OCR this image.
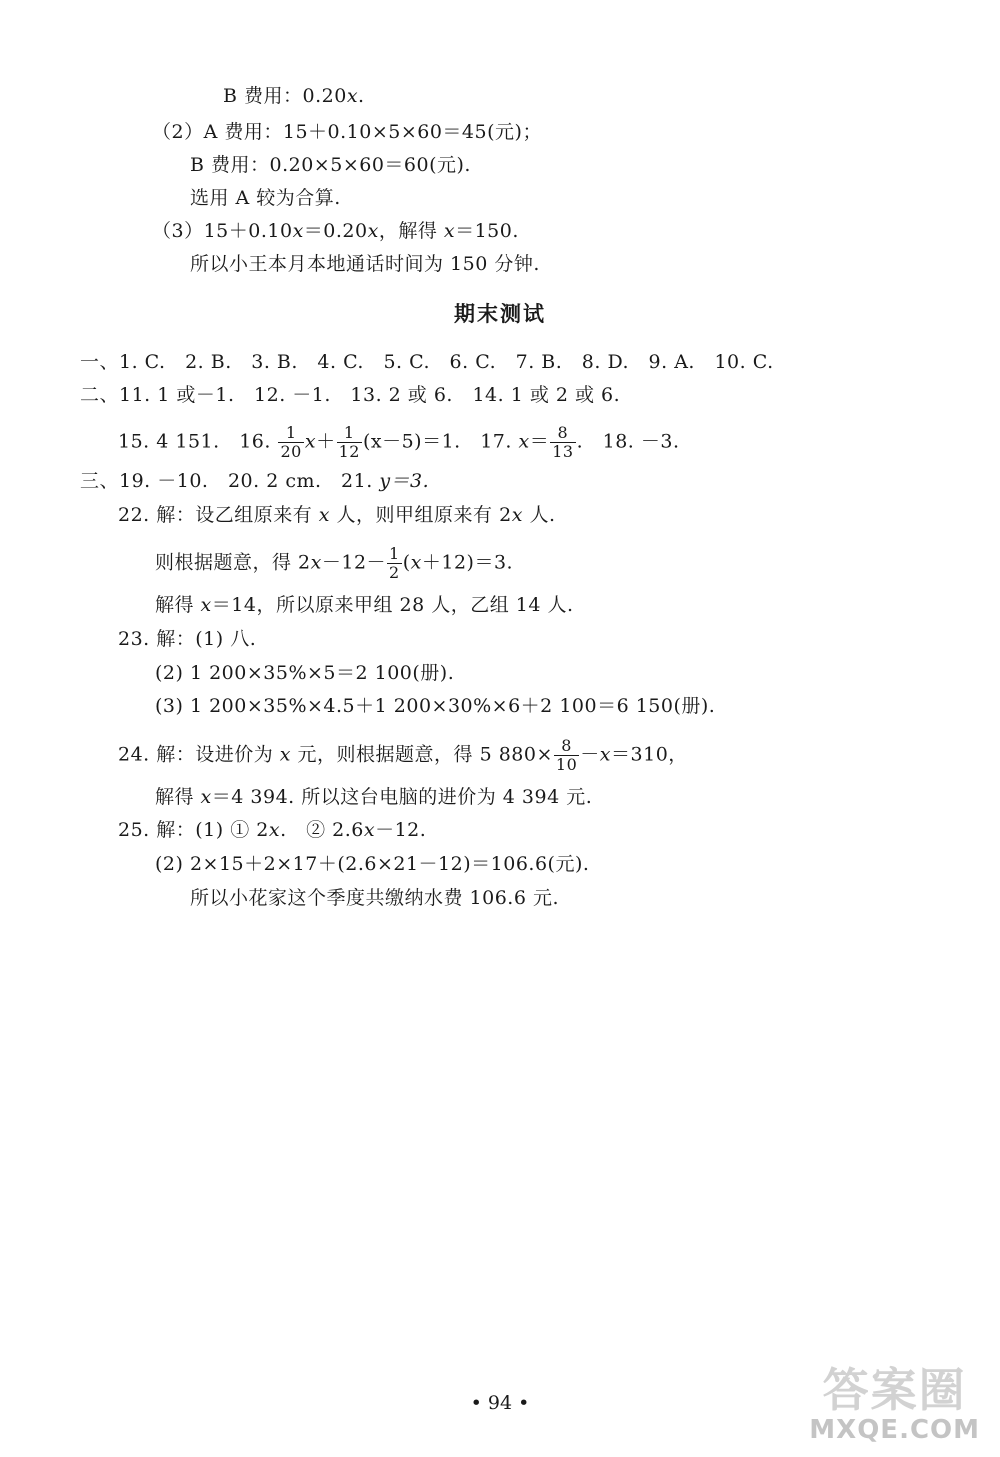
B 费用：0.20x.
（2）A 费用：15＋0.10×5×60＝45(元)；
B 费用：0.20×5×60＝60(元).
选用 A 较为合算.
（3）15＋0.10x＝0.20x，解得 x＝150.
所以小王本月本地通话时间为 150 分钟.
期末测试
一、1. C.　2. B.　3. B.　4. C.　5. C.　6. C.　7. B.　8. D.　9. A.　10. C.
二、11. 1 或－1.　12. －1.　13. 2 或 6.　14. 1 或 2 或 6.
15. 4 151.　 16. $\frac{1}{20} x+ \frac{1}{12} (x-5)=1$.　 17. $x= \frac{8}{13}$ .　18. －3.
三、19. －10.　20. 2 cm.　21. y＝3.
22. 解：设乙组原来有 x 人，则甲组原来有 2x 人.
则根据题意，得 $2x-12- \frac{1}{2} (x+12)=3$.
解得 x＝14，所以原来甲组 28 人，乙组 14 人.
23. 解：(1) 八.
(2) 1 200×35%×5＝2 100(册).
(3) 1 200×35%×4.5＋1 200×30%×6＋2 100＝6 150(册).
24. 解：设进价为 x 元，则根据题意，得 5 $880\times \frac{8}{10} -x=310$，
解得 x＝4 394. 所以这台电脑的进价为 4 394 元.
25. 解：(1) ① 2x.　② 2.6x－12.
(2) 2×15＋2×17＋(2.6×21－12)＝106.6(元).
所以小花家这个季度共缴纳水费 106.6 元.
• 94 •	答案圈
MXQE.COM
